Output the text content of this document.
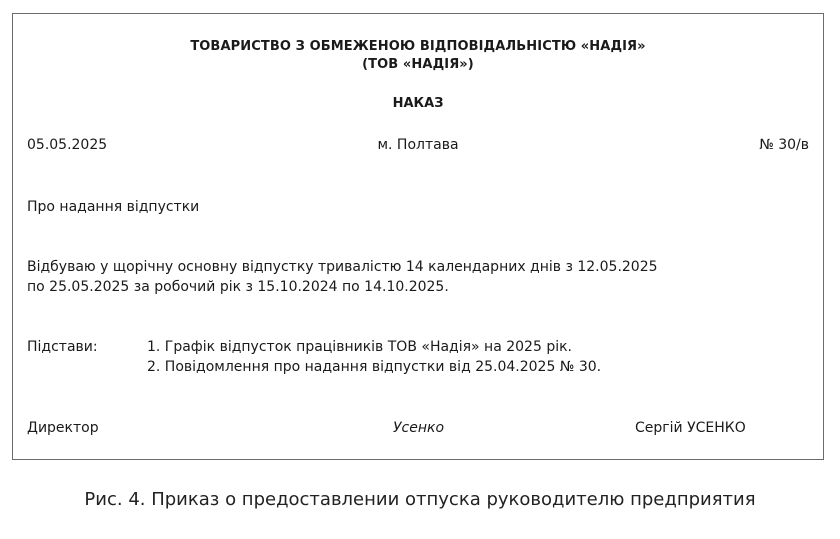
ТОВАРИСТВО З ОБМЕЖЕНОЮ ВІДПОВІДАЛЬНІСТЮ «НАДІЯ»
(ТОВ «НАДІЯ»)
НАКАЗ
05.05.2025	м. Полтава	№ 30/в
Про надання відпустки
Відбуваю у щорічну основну відпустку тривалістю 14 календарних днів з 12.05.2025
по 25.05.2025 за робочий рік з 15.10.2024 по 14.10.2025.
Підстави:	1. Графік відпусток працівників ТОВ «Надія» на 2025 рік.
2. Повідомлення про надання відпустки від 25.04.2025 № 30.
Директор	Усенко	Сергій УСЕНКО
Рис. 4. Приказ о предоставлении отпуска руководителю предприятия
